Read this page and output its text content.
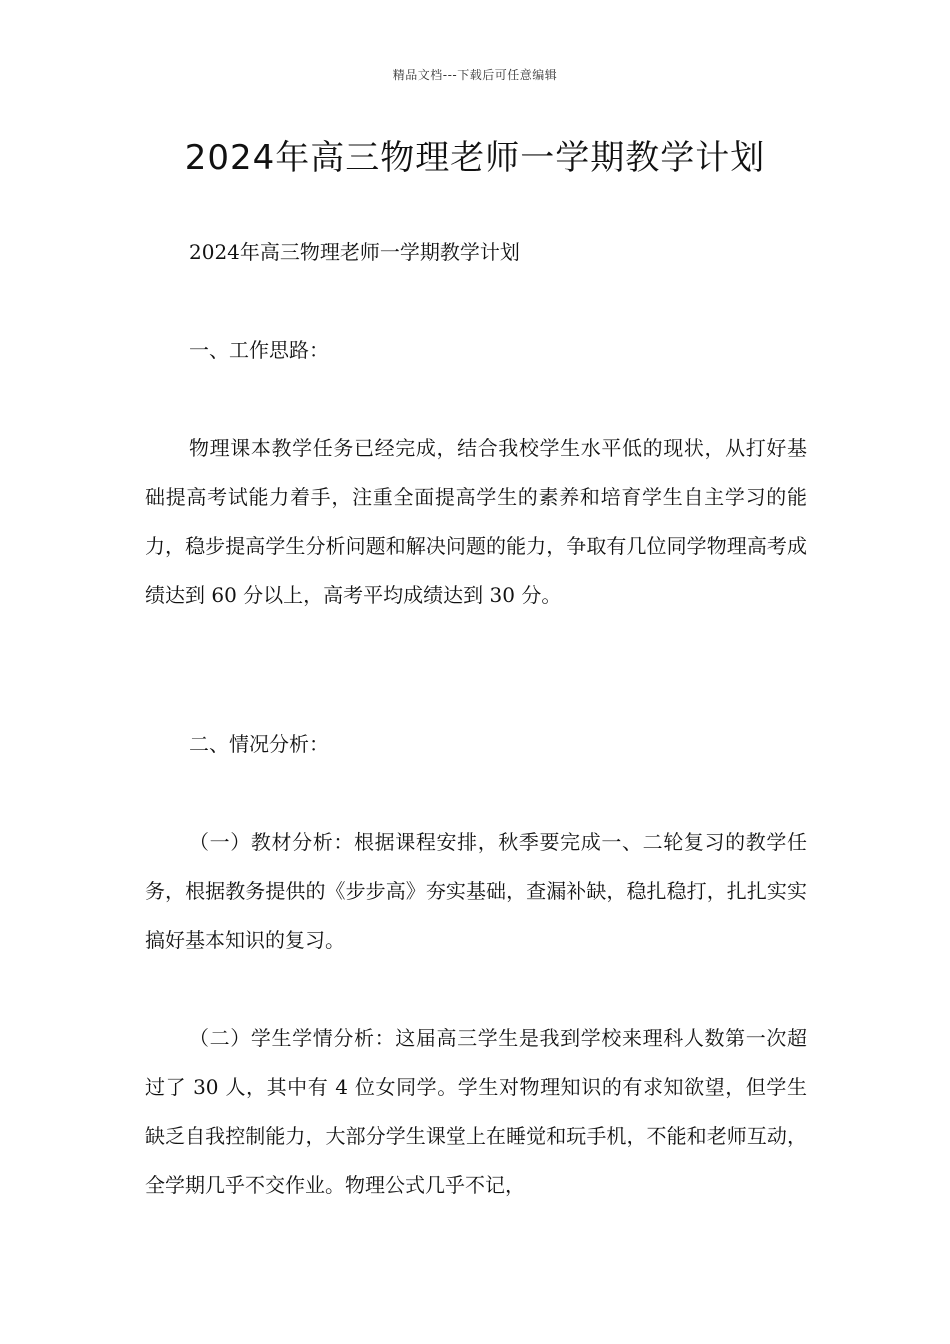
精品文档---下载后可任意编辑
2024年高三物理老师一学期教学计划

2024年高三物理老师一学期教学计划

一、工作思路：

物理课本教学任务已经完成，结合我校学生水平低的现状，从打好基础提高考试能力着手，注重全面提高学生的素养和培育学生自主学习的能力，稳步提高学生分析问题和解决问题的能力，争取有几位同学物理高考成绩达到 60 分以上，高考平均成绩达到 30 分。

二、情况分析：

（一）教材分析：根据课程安排，秋季要完成一、二轮复习的教学任务，根据教务提供的《步步高》夯实基础，查漏补缺，稳扎稳打，扎扎实实搞好基本知识的复习。

（二）学生学情分析：这届高三学生是我到学校来理科人数第一次超过了 30 人，其中有 4 位女同学。学生对物理知识的有求知欲望，但学生缺乏自我控制能力，大部分学生课堂上在睡觉和玩手机，不能和老师互动，全学期几乎不交作业。物理公式几乎不记，
